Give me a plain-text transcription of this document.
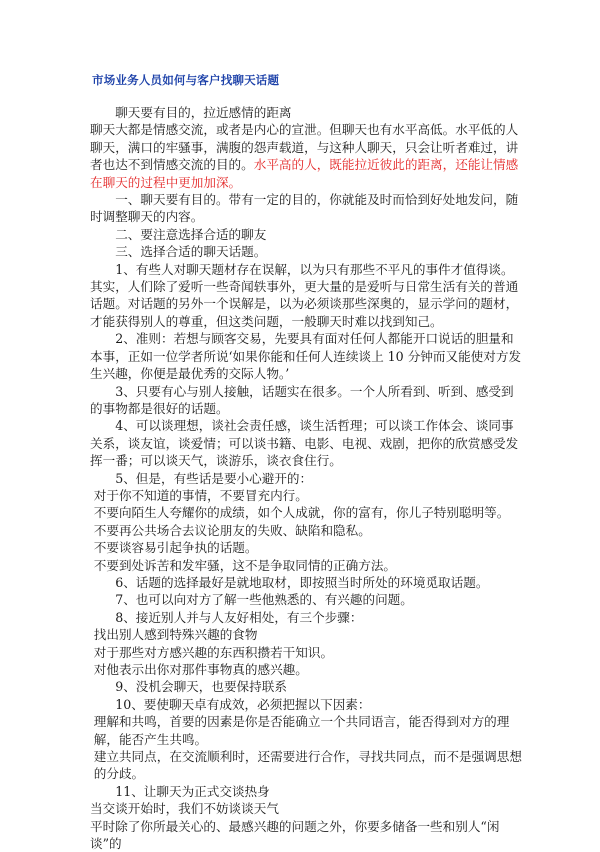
市场业务人员如何与客户找聊天话题

聊天要有目的，拉近感情的距离

聊天大都是情感交流，或者是内心的宣泄。但聊天也有水平高低。水平低的人聊天，满口的牢骚事，满腹的怨声载道，与这种人聊天，只会让听者难过，讲者也达不到情感交流的目的。水平高的人，既能拉近彼此的距离，还能让情感在聊天的过程中更加加深。

一、聊天要有目的。带有一定的目的，你就能及时而恰到好处地发问，随时调整聊天的内容。

二、要注意选择合适的聊友

三、选择合适的聊天话题。

1、有些人对聊天题材存在误解，以为只有那些不平凡的事件才值得谈。其实，人们除了爱听一些奇闻轶事外，更大量的是爱听与日常生活有关的普通话题。对话题的另外一个误解是，以为必须谈那些深奥的，显示学问的题材，才能获得别人的尊重，但这类问题，一般聊天时难以找到知己。

2、准则：若想与顾客交易，先要具有面对任何人都能开口说话的胆量和本事，正如一位学者所说‘如果你能和任何人连续谈上 10 分钟而又能使对方发生兴趣，你便是最优秀的交际人物。’

3、只要有心与别人接触，话题实在很多。一个人所看到、听到、感受到的事物都是很好的话题。

4、可以谈理想，谈社会责任感，谈生活哲理；可以谈工作体会、谈同事关系，谈友谊，谈爱情；可以谈书籍、电影、电视、戏剧，把你的欣赏感受发挥一番；可以谈天气，谈游乐，谈衣食住行。

5、但是，有些话是要小心避开的：

对于你不知道的事情，不要冒充内行。

不要向陌生人夸耀你的成绩，如个人成就，你的富有，你儿子特别聪明等。

不要再公共场合去议论朋友的失败、缺陷和隐私。

不要谈容易引起争执的话题。

不要到处诉苦和发牢骚，这不是争取同情的正确方法。

6、话题的选择最好是就地取材，即按照当时所处的环境觅取话题。

7、也可以向对方了解一些他熟悉的、有兴趣的问题。

8、接近别人并与人友好相处，有三个步骤：

找出别人感到特殊兴趣的食物

对于那些对方感兴趣的东西积攒若干知识。

对他表示出你对那件事物真的感兴趣。

9、没机会聊天，也要保持联系

10、要使聊天卓有成效，必须把握以下因素：

理解和共鸣，首要的因素是你是否能确立一个共同语言，能否得到对方的理解，能否产生共鸣。

建立共同点，在交流顺利时，还需要进行合作，寻找共同点，而不是强调思想的分歧。

11、让聊天为正式交谈热身

当交谈开始时，我们不妨谈谈天气

平时除了你所最关心的、最感兴趣的问题之外，你要多储备一些和别人“闲谈”的
